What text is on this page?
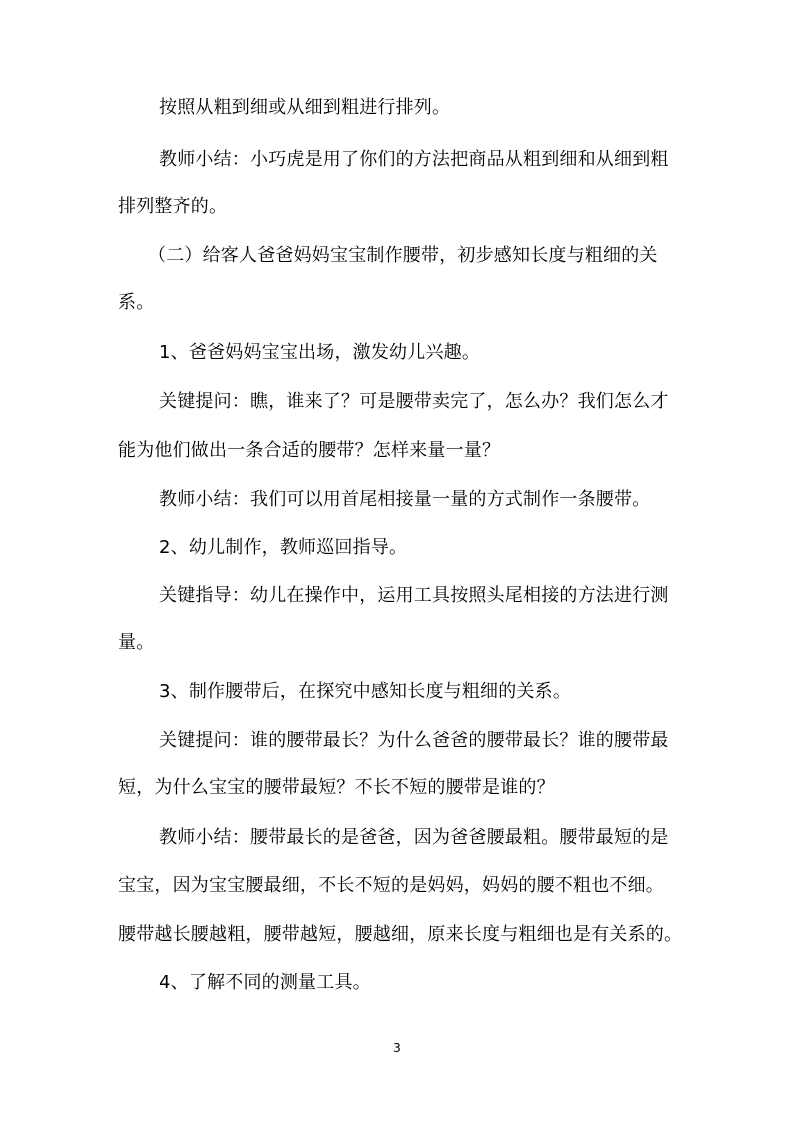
按照从粗到细或从细到粗进行排列。
教师小结：小巧虎是用了你们的方法把商品从粗到细和从细到粗
排列整齐的。
（二）给客人爸爸妈妈宝宝制作腰带，初步感知长度与粗细的关
系。
1、爸爸妈妈宝宝出场，激发幼儿兴趣。
关键提问：瞧，谁来了？可是腰带卖完了，怎么办？我们怎么才
能为他们做出一条合适的腰带？怎样来量一量？
教师小结：我们可以用首尾相接量一量的方式制作一条腰带。
2、幼儿制作，教师巡回指导。
关键指导：幼儿在操作中，运用工具按照头尾相接的方法进行测
量。
3、制作腰带后，在探究中感知长度与粗细的关系。
关键提问：谁的腰带最长？为什么爸爸的腰带最长？谁的腰带最
短，为什么宝宝的腰带最短？不长不短的腰带是谁的？
教师小结：腰带最长的是爸爸，因为爸爸腰最粗。腰带最短的是
宝宝，因为宝宝腰最细，不长不短的是妈妈，妈妈的腰不粗也不细。
腰带越长腰越粗，腰带越短，腰越细，原来长度与粗细也是有关系的。
4、了解不同的测量工具。
3
